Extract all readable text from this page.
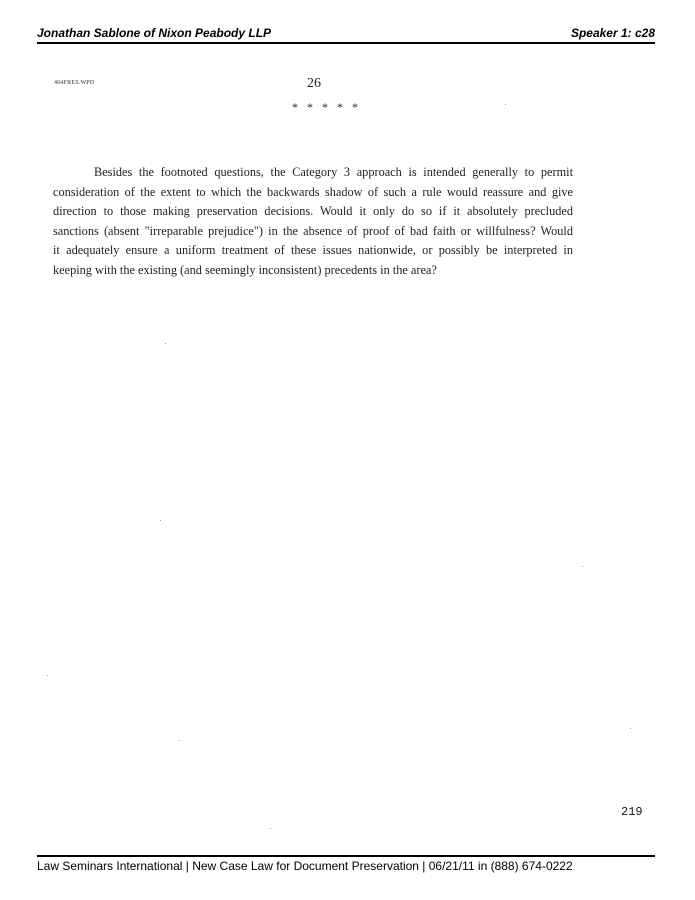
Jonathan Sablone of Nixon Peabody LLP	Speaker 1: c28
404FRES.WPD	26
* * * * *
Besides the footnoted questions, the Category 3 approach is intended generally to permit
consideration of the extent to which the backwards shadow of such a rule would reassure and give
direction to those making preservation decisions. Would it only do so if it absolutely precluded
sanctions (absent "irreparable prejudice") in the absence of proof of bad faith or willfulness? Would
it adequately ensure a uniform treatment of these issues nationwide, or possibly be interpreted in
keeping with the existing (and seemingly inconsistent) precedents in the area?
219
Law Seminars International | New Case Law for Document Preservation | 06/21/11 in (888) 674-0222
